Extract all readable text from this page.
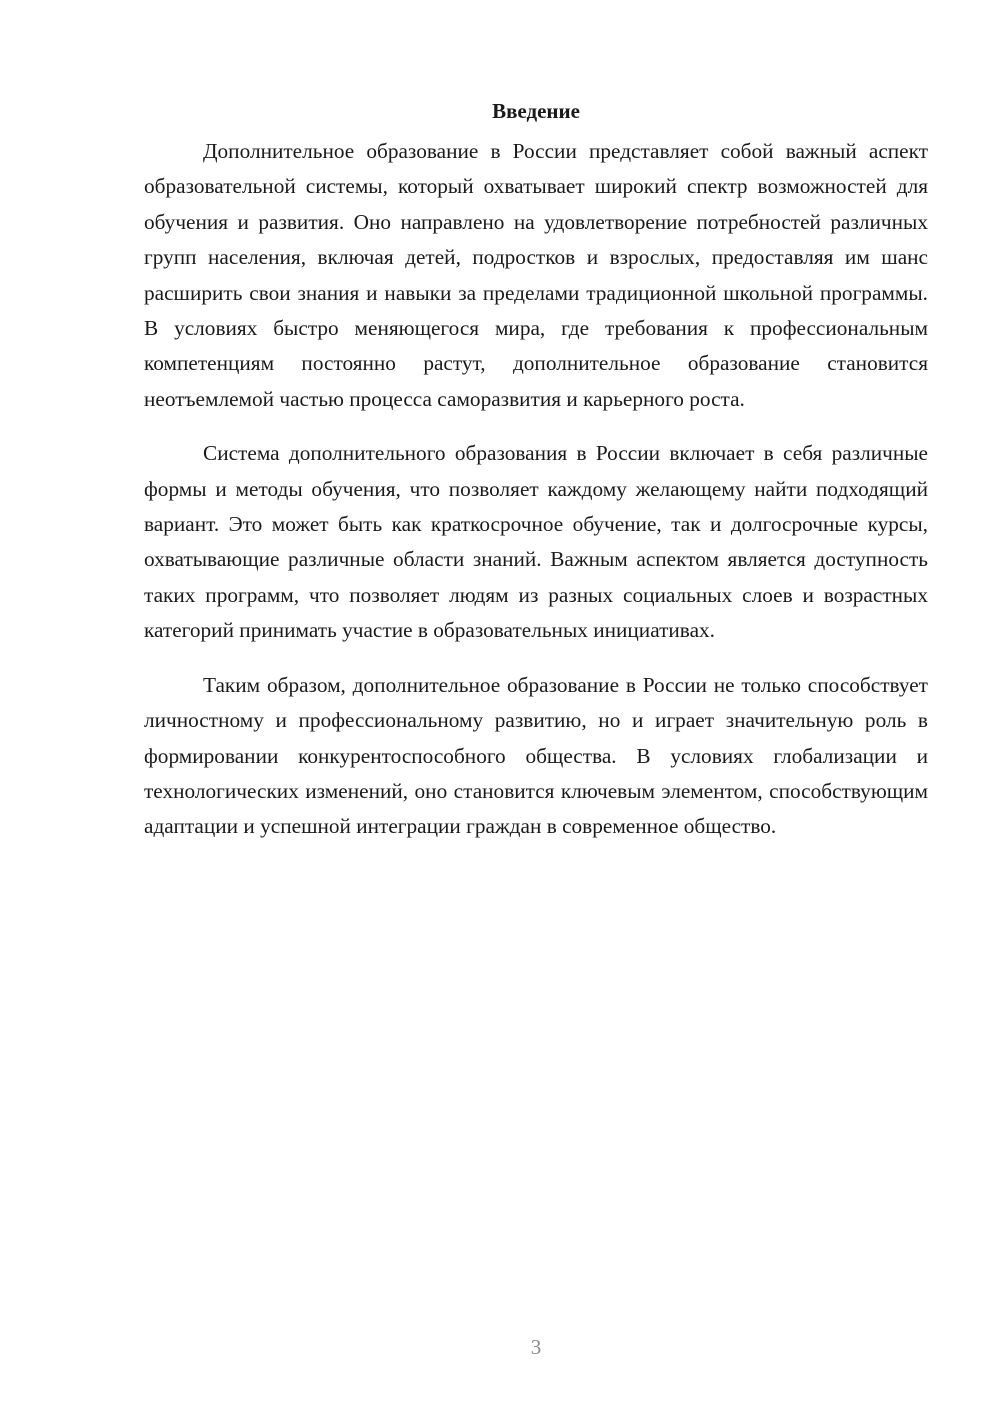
Введение

Дополнительное образование в России представляет собой важный аспект образовательной системы, который охватывает широкий спектр возможностей для обучения и развития. Оно направлено на удовлетворение потребностей различных групп населения, включая детей, подростков и взрослых, предоставляя им шанс расширить свои знания и навыки за пределами традиционной школьной программы. В условиях быстро меняющегося мира, где требования к профессиональным компетенциям постоянно растут, дополнительное образование становится неотъемлемой частью процесса саморазвития и карьерного роста.

Система дополнительного образования в России включает в себя различные формы и методы обучения, что позволяет каждому желающему найти подходящий вариант. Это может быть как краткосрочное обучение, так и долгосрочные курсы, охватывающие различные области знаний. Важным аспектом является доступность таких программ, что позволяет людям из разных социальных слоев и возрастных категорий принимать участие в образовательных инициативах.

Таким образом, дополнительное образование в России не только способствует личностному и профессиональному развитию, но и играет значительную роль в формировании конкурентоспособного общества. В условиях глобализации и технологических изменений, оно становится ключевым элементом, способствующим адаптации и успешной интеграции граждан в современное общество.

3
